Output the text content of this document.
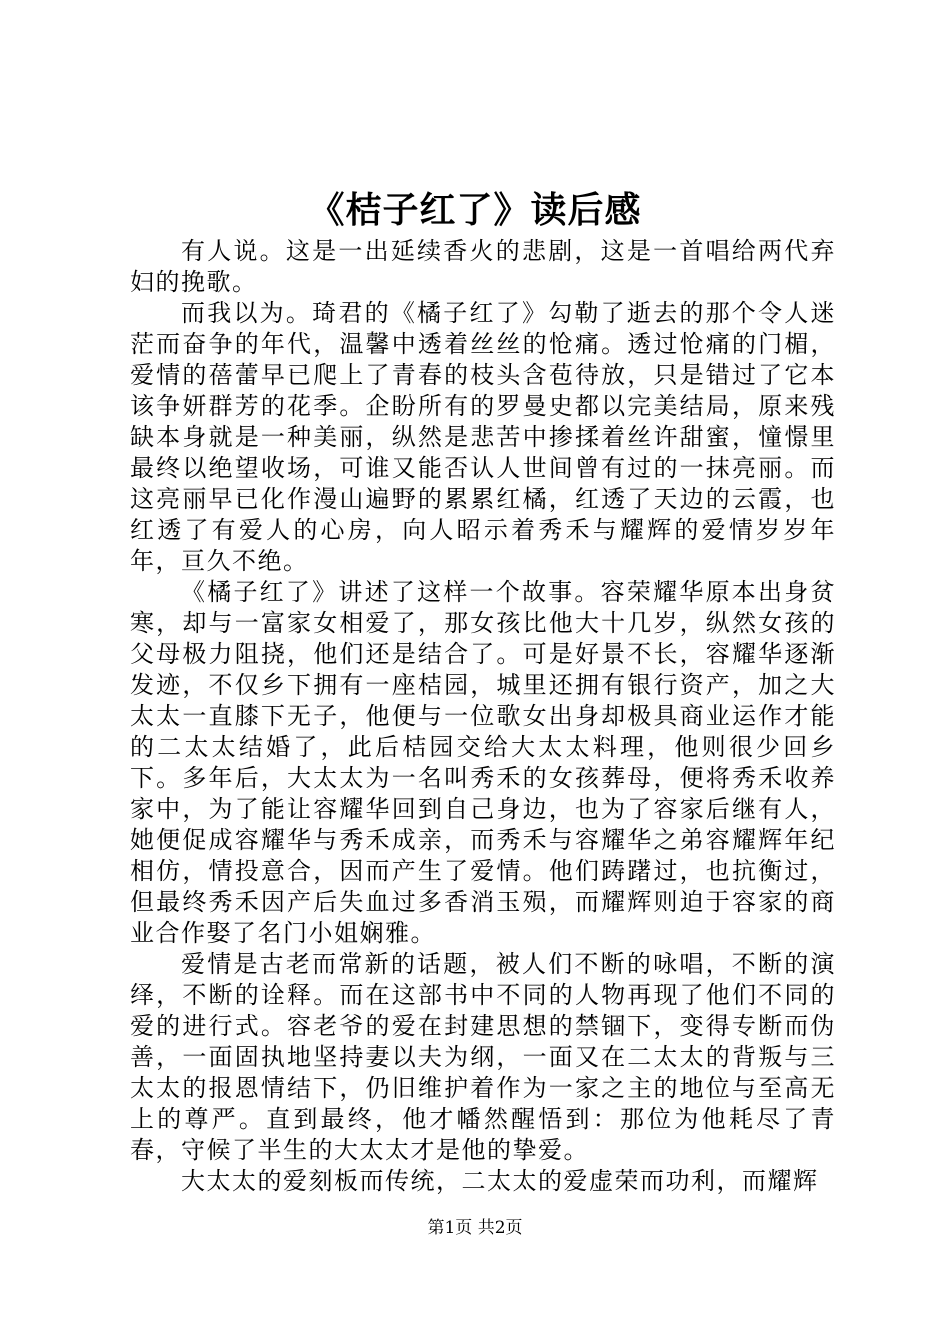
《桔子红了》读后感

有人说。这是一出延续香火的悲剧，这是一首唱给两代弃妇的挽歌。

而我以为。琦君的《橘子红了》勾勒了逝去的那个令人迷茫而奋争的年代，温馨中透着丝丝的怆痛。透过怆痛的门楣，爱情的蓓蕾早已爬上了青春的枝头含苞待放，只是错过了它本该争妍群芳的花季。企盼所有的罗曼史都以完美结局，原来残缺本身就是一种美丽，纵然是悲苦中掺揉着丝许甜蜜，憧憬里最终以绝望收场，可谁又能否认人世间曾有过的一抹亮丽。而这亮丽早已化作漫山遍野的累累红橘，红透了天边的云霞，也红透了有爱人的心房，向人昭示着秀禾与耀辉的爱情岁岁年年，亘久不绝。

《橘子红了》讲述了这样一个故事。容荣耀华原本出身贫寒，却与一富家女相爱了，那女孩比他大十几岁，纵然女孩的父母极力阻挠，他们还是结合了。可是好景不长，容耀华逐渐发迹，不仅乡下拥有一座桔园，城里还拥有银行资产，加之大太太一直膝下无子，他便与一位歌女出身却极具商业运作才能的二太太结婚了，此后桔园交给大太太料理，他则很少回乡下。多年后，大太太为一名叫秀禾的女孩葬母，便将秀禾收养家中，为了能让容耀华回到自己身边，也为了容家后继有人，她便促成容耀华与秀禾成亲，而秀禾与容耀华之弟容耀辉年纪相仿，情投意合，因而产生了爱情。他们踌躇过，也抗衡过，但最终秀禾因产后失血过多香消玉殒，而耀辉则迫于容家的商业合作娶了名门小姐娴雅。

爱情是古老而常新的话题，被人们不断的咏唱，不断的演绎，不断的诠释。而在这部书中不同的人物再现了他们不同的爱的进行式。容老爷的爱在封建思想的禁锢下，变得专断而伪善，一面固执地坚持妻以夫为纲，一面又在二太太的背叛与三太太的报恩情结下，仍旧维护着作为一家之主的地位与至高无上的尊严。直到最终，他才幡然醒悟到：那位为他耗尽了青春，守候了半生的大太太才是他的挚爱。

大太太的爱刻板而传统，二太太的爱虚荣而功利，而耀辉

第1页 共2页
